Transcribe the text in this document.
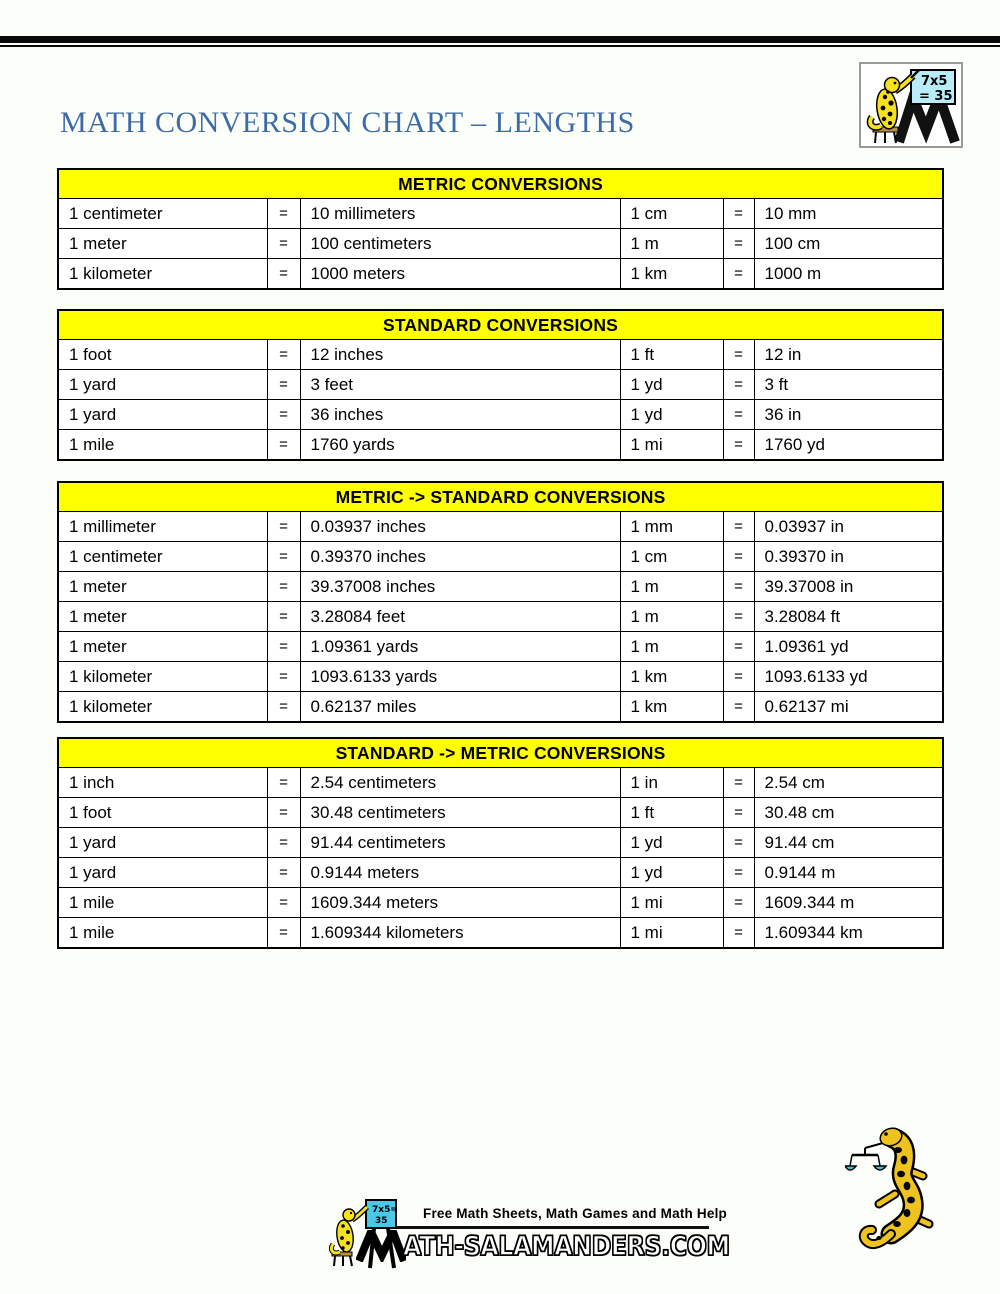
MATH CONVERSION CHART – LENGTHS
7x5
= 35
METRIC CONVERSIONS					
1 centimeter	=	10 millimeters	1 cm	=	10 mm
1 meter	=	100 centimeters	1 m	=	100 cm
1 kilometer	=	1000 meters	1 km	=	1000 m
STANDARD CONVERSIONS					
1 foot	=	12 inches	1 ft	=	12 in
1 yard	=	3 feet	1 yd	=	3 ft
1 yard	=	36 inches	1 yd	=	36 in
1 mile	=	1760 yards	1 mi	=	1760 yd
METRIC -> STANDARD CONVERSIONS					
1 millimeter	=	0.03937 inches	1 mm	=	0.03937 in
1 centimeter	=	0.39370 inches	1 cm	=	0.39370 in
1 meter	=	39.37008 inches	1 m	=	39.37008 in
1 meter	=	3.28084 feet	1 m	=	3.28084 ft
1 meter	=	1.09361 yards	1 m	=	1.09361 yd
1 kilometer	=	1093.6133 yards	1 km	=	1093.6133 yd
1 kilometer	=	0.62137 miles	1 km	=	0.62137 mi
STANDARD -> METRIC CONVERSIONS					
1 inch	=	2.54 centimeters	1 in	=	2.54 cm
1 foot	=	30.48 centimeters	1 ft	=	30.48 cm
1 yard	=	91.44 centimeters	1 yd	=	91.44 cm
1 yard	=	0.9144 meters	1 yd	=	0.9144 m
1 mile	=	1609.344 meters	1 mi	=	1609.344 m
1 mile	=	1.609344 kilometers	1 mi	=	1.609344 km
7x5=
35	Free Math Sheets, Math Games and Math Help
ATH-SALAMANDERS.COM
